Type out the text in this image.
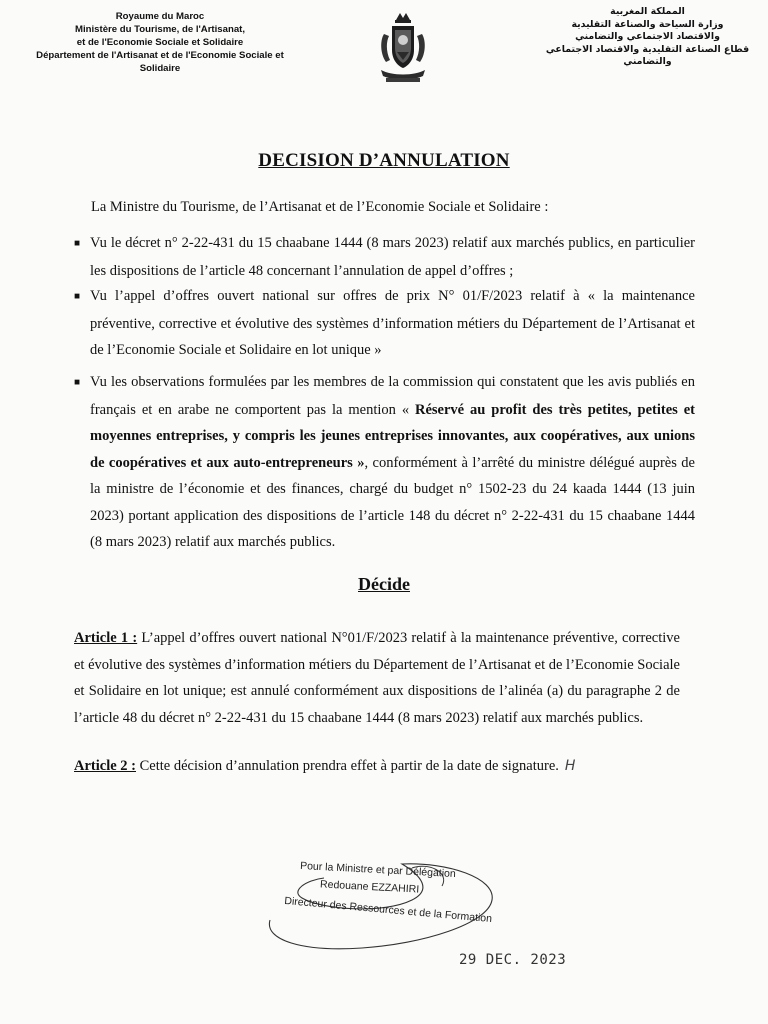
Royaume du Maroc
Ministère du Tourisme, de l'Artisanat,
et de l'Economie Sociale et Solidaire
Département de l'Artisanat et de l'Economie Sociale et
Solidaire
المملكة المغربية
وزارة السياحة والصناعة التقليدية
والاقتصاد الاجتماعي والتضامني
قطاع الصناعة التقليدية والاقتصاد الاجتماعي
والتضامني
DECISION D’ANNULATION
La Ministre du Tourisme, de l’Artisanat et de l’Economie Sociale et Solidaire :
■ Vu le décret n° 2-22-431 du 15 chaabane 1444 (8 mars 2023) relatif aux marchés publics, en particulier les dispositions de l’article 48 concernant l’annulation de appel d’offres ;
■ Vu l’appel d’offres ouvert national sur offres de prix N° 01/F/2023 relatif à « la maintenance préventive, corrective et évolutive des systèmes d’information métiers du Département de l’Artisanat et de l’Economie Sociale et Solidaire en lot unique »
■ Vu les observations formulées par les membres de la commission qui constatent que les avis publiés en français et en arabe ne comportent pas la mention « Réservé au profit des très petites, petites et moyennes entreprises, y compris les jeunes entreprises innovantes, aux coopératives, aux unions de coopératives et aux auto-entrepreneurs », conformément à l’arrêté du ministre délégué auprès de la ministre de l’économie et des finances, chargé du budget n° 1502-23 du 24 kaada 1444 (13 juin 2023) portant application des dispositions de l’article 148 du décret n° 2-22-431 du 15 chaabane 1444 (8 mars 2023) relatif aux marchés publics.
Décide
Article 1 : L’appel d’offres ouvert national N°01/F/2023 relatif à la maintenance préventive, corrective et évolutive des systèmes d’information métiers du Département de l’Artisanat et de l’Economie Sociale et Solidaire en lot unique; est annulé conformément aux dispositions de l’alinéa (a) du paragraphe 2 de l’article 48 du décret n° 2-22-431 du 15 chaabane 1444 (8 mars 2023) relatif aux marchés publics.
Article 2 : Cette décision d’annulation prendra effet à partir de la date de signature. H
Pour la Ministre et par Délégation
Redouane EZZAHIRI
Directeur des Ressources et de la Formation
29 DEC. 2023
